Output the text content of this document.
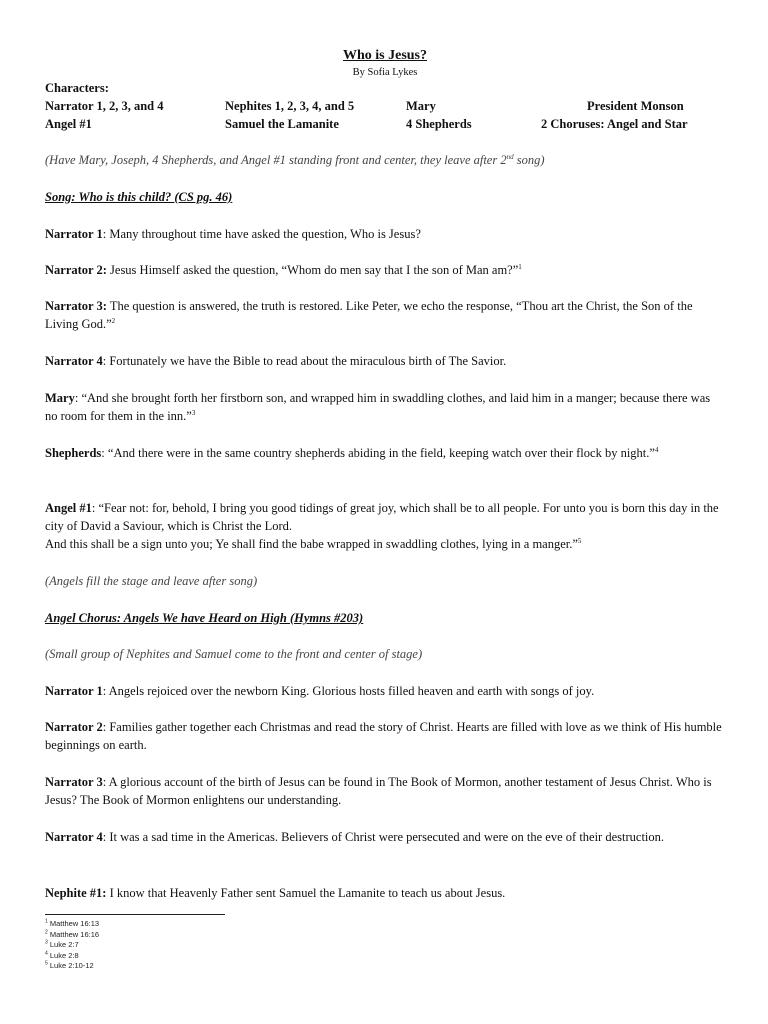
Who is Jesus?
By Sofia Lykes
Characters:
Narrator 1, 2, 3, and 4	Nephites 1, 2, 3, 4, and 5	Mary	President Monson
Angel #1	Samuel the Lamanite	4 Shepherds	2 Choruses: Angel and Star
(Have Mary, Joseph, 4 Shepherds, and Angel #1 standing front and center, they leave after 2nd song)
Song: Who is this child? (CS pg. 46)
Narrator 1: Many throughout time have asked the question, Who is Jesus?
Narrator 2: Jesus Himself asked the question, “Whom do men say that I the son of Man am?”$^1$
Narrator 3: The question is answered, the truth is restored. Like Peter, we echo the response, “Thou art the Christ, the Son of the Living God.”$^2$
Narrator 4: Fortunately we have the Bible to read about the miraculous birth of The Savior.
Mary: “And she brought forth her firstborn son, and wrapped him in swaddling clothes, and laid him in a manger; because there was no room for them in the inn.”$^3$
Shepherds: “And there were in the same country shepherds abiding in the field, keeping watch over their flock by night.”$^4$
Angel #1: “Fear not: for, behold, I bring you good tidings of great joy, which shall be to all people. For unto you is born this day in the city of David a Saviour, which is Christ the Lord.
And this shall be a sign unto you; Ye shall find the babe wrapped in swaddling clothes, lying in a manger.”$^5$
(Angels fill the stage and leave after song)
Angel Chorus: Angels We have Heard on High (Hymns #203)
(Small group of Nephites and Samuel come to the front and center of stage)
Narrator 1: Angels rejoiced over the newborn King. Glorious hosts filled heaven and earth with songs of joy.
Narrator 2: Families gather together each Christmas and read the story of Christ. Hearts are filled with love as we think of His humble beginnings on earth.
Narrator 3: A glorious account of the birth of Jesus can be found in The Book of Mormon, another testament of Jesus Christ. Who is Jesus? The Book of Mormon enlightens our understanding.
Narrator 4: It was a sad time in the Americas. Believers of Christ were persecuted and were on the eve of their destruction.
Nephite #1: I know that Heavenly Father sent Samuel the Lamanite to teach us about Jesus.
$^1$ Matthew 16:13
$^2$ Matthew 16:16
$^3$ Luke 2:7
$^4$ Luke 2:8
$^5$ Luke 2:10-12
